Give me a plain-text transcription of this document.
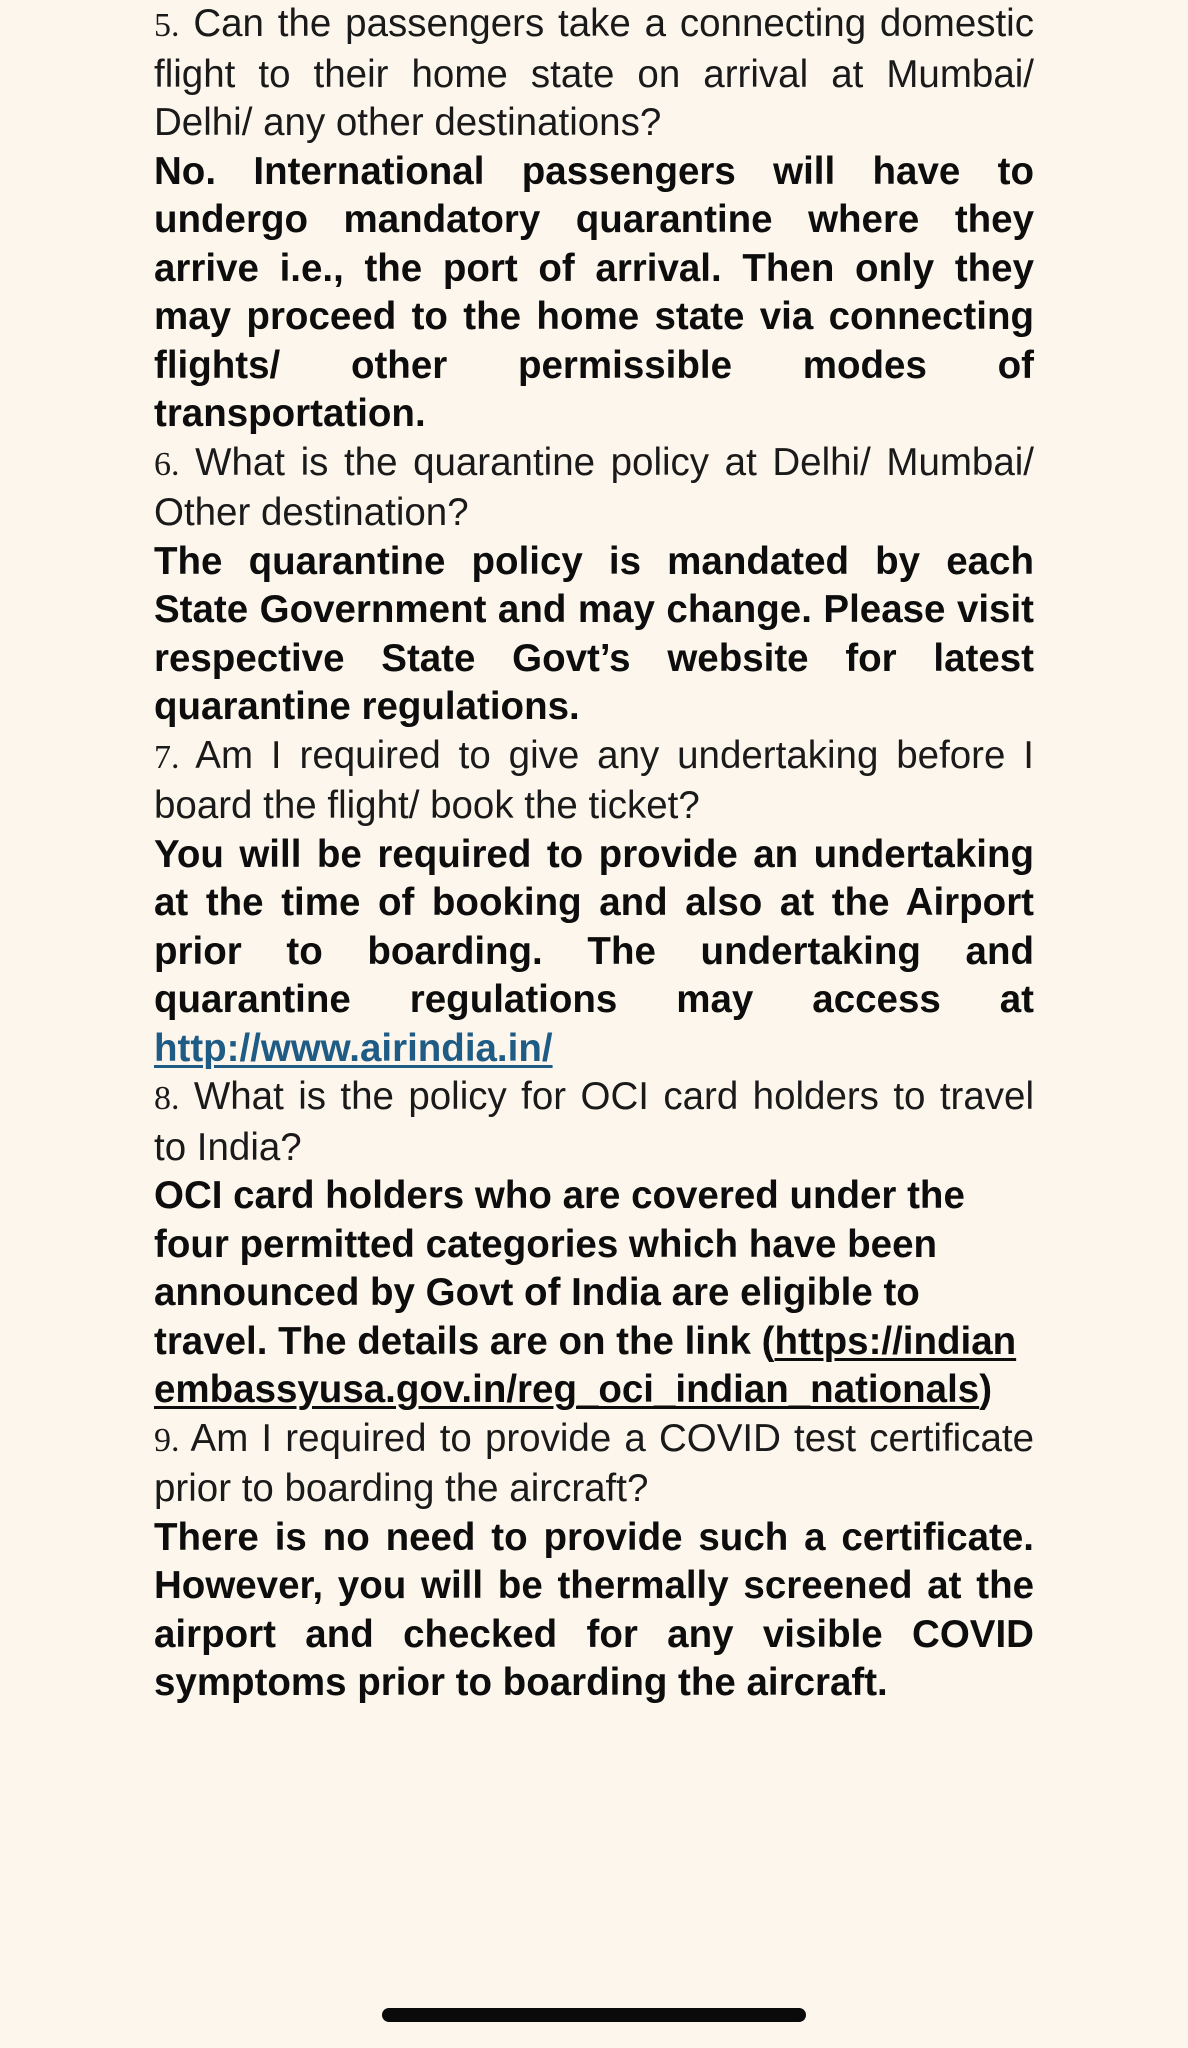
5. Can the passengers take a connecting domestic flight to their home state on arrival at Mumbai/ Delhi/ any other destinations?

No. International passengers will have to undergo mandatory quarantine where they arrive i.e., the port of arrival. Then only they may proceed to the home state via connecting flights/ other permissible modes of transportation.

6. What is the quarantine policy at Delhi/ Mumbai/ Other destination?

The quarantine policy is mandated by each State Government and may change. Please visit respective State Govt’s website for latest quarantine regulations.

7. Am I required to give any undertaking before I board the flight/ book the ticket?

You will be required to provide an undertaking at the time of booking and also at the Airport prior to boarding. The undertaking and quarantine regulations may access at http://www.airindia.in/

8. What is the policy for OCI card holders to travel to India?

OCI card holders who are covered under the four permitted categories which have been announced by Govt of India are eligible to travel. The details are on the link (https://indianembassyusa.gov.in/reg_oci_indian_nationals)

9. Am I required to provide a COVID test certificate prior to boarding the aircraft?

There is no need to provide such a certificate. However, you will be thermally screened at the airport and checked for any visible COVID symptoms prior to boarding the aircraft.
